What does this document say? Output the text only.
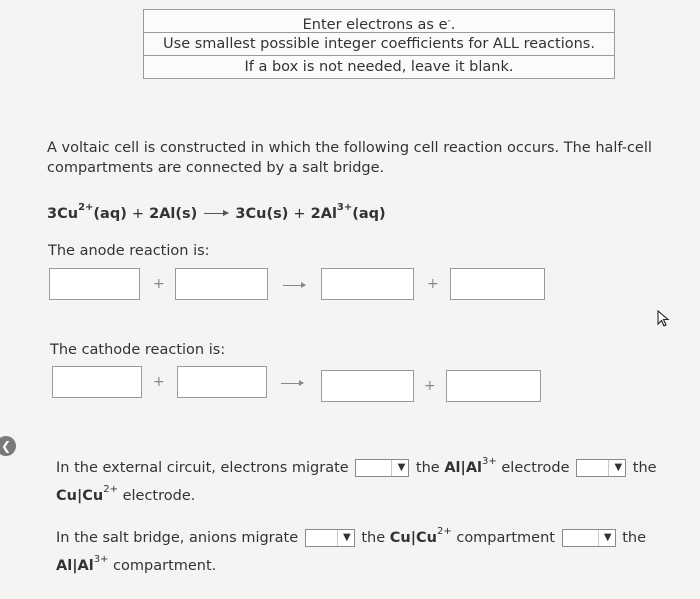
Enter electrons as e-.
Use smallest possible integer coefficients for ALL reactions.
If a box is not needed, leave it blank.
A voltaic cell is constructed in which the following cell reaction occurs. The half-cell compartments are connected by a salt bridge.
$3Cu^{2+}(aq) + 2Al(s) \to 3Cu(s) + 2Al^{3+}(aq)$
The anode reaction is:
+	+
The cathode reaction is:
+	+
In the external circuit, electrons migrate	▼ the $Al|Al^{3+}$ electrode	▼ the
$Cu|Cu^{2+}$ electrode.
In the salt bridge, anions migrate	▼ the $Cu|Cu^{2+}$ compartment	▼ the
$Al|Al^{3+}$ compartment.
❮
